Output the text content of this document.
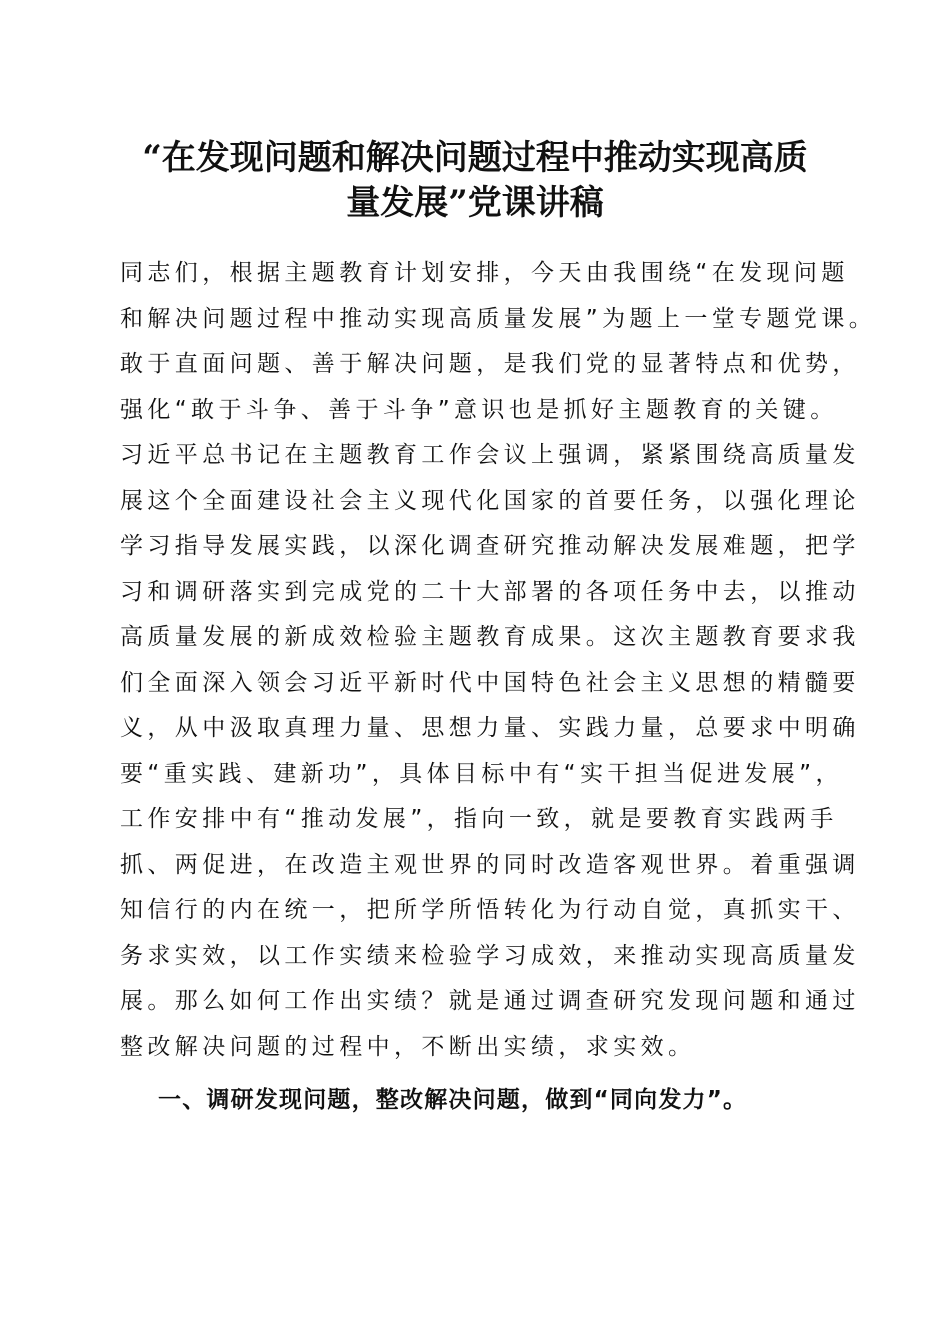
“在发现问题和解决问题过程中推动实现高质
量发展”党课讲稿
同志们，根据主题教育计划安排，今天由我围绕“在发现问题
和解决问题过程中推动实现高质量发展”为题上一堂专题党课。
敢于直面问题、善于解决问题，是我们党的显著特点和优势，
强化“敢于斗争、善于斗争”意识也是抓好主题教育的关键。
习近平总书记在主题教育工作会议上强调，紧紧围绕高质量发
展这个全面建设社会主义现代化国家的首要任务，以强化理论
学习指导发展实践，以深化调查研究推动解决发展难题，把学
习和调研落实到完成党的二十大部署的各项任务中去，以推动
高质量发展的新成效检验主题教育成果。这次主题教育要求我
们全面深入领会习近平新时代中国特色社会主义思想的精髓要
义，从中汲取真理力量、思想力量、实践力量，总要求中明确
要“重实践、建新功”，具体目标中有“实干担当促进发展”，
工作安排中有“推动发展”，指向一致，就是要教育实践两手
抓、两促进，在改造主观世界的同时改造客观世界。着重强调
知信行的内在统一，把所学所悟转化为行动自觉，真抓实干、
务求实效，以工作实绩来检验学习成效，来推动实现高质量发
展。那么如何工作出实绩？就是通过调查研究发现问题和通过
整改解决问题的过程中，不断出实绩，求实效。
一、调研发现问题，整改解决问题，做到“同向发力”。
